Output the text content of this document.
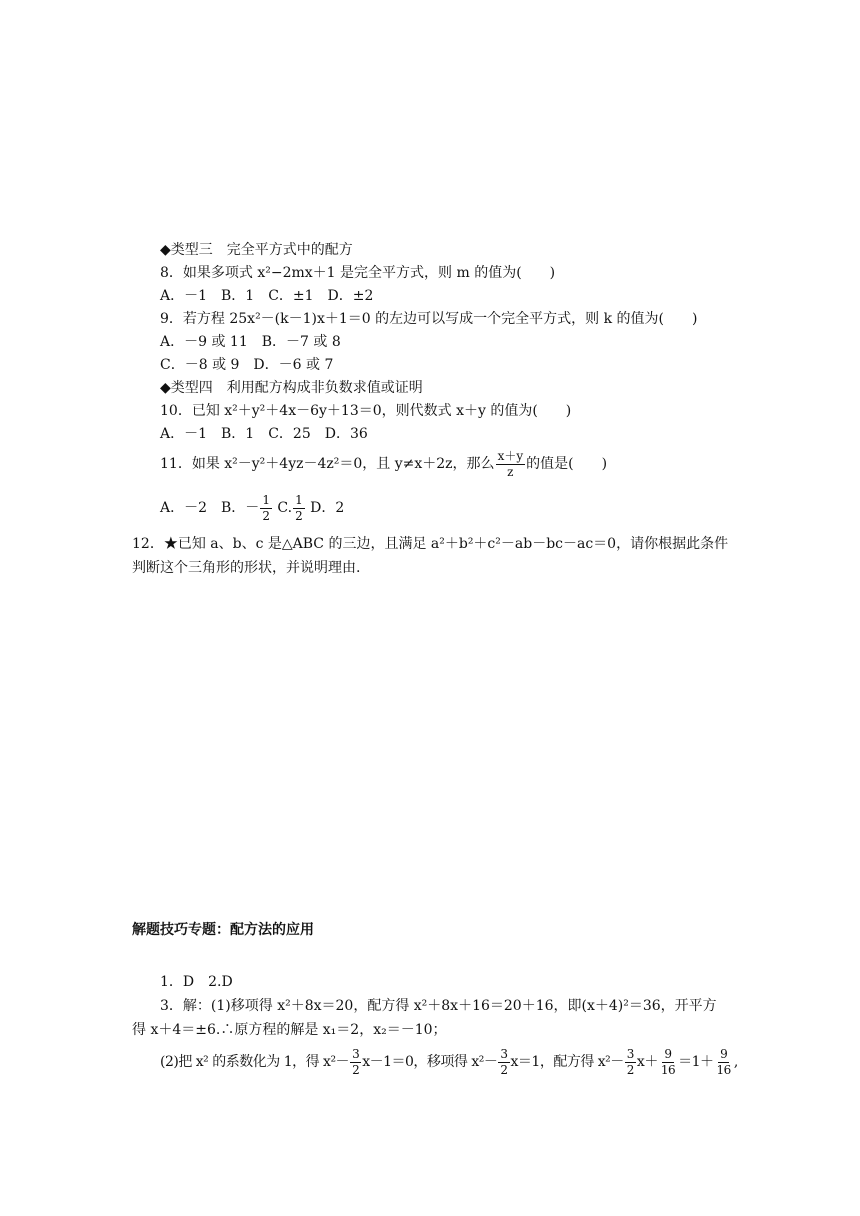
◆类型三　完全平方式中的配方
8．如果多项式 x²−2mx＋1 是完全平方式，则 m 的值为(　　)
A．－1　B．1　C．±1　D．±2
9．若方程 25x²－(k－1)x＋1＝0 的左边可以写成一个完全平方式，则 k 的值为(　　)
A．－9 或 11　B．－7 或 8
C．－8 或 9　D．－6 或 7
◆类型四　利用配方构成非负数求值或证明
10．已知 x²＋y²＋4x－6y＋13＝0，则代数式 x＋y 的值为(　　)
A．－1　B．1　C．25　D．36
11．如果 x²－y²＋4yz－4z²＝0，且 y≠x＋2z，那么 $\frac{x+y}{z}$ 的值是(　　)
A．－2　B．－ $\frac{1}{2} C$. $\frac{1}{2}$ D．2
12．★已知 a、b、c 是△ABC 的三边，且满足 a²＋b²＋c²－ab－bc－ac＝0，请你根据此条件
判断这个三角形的形状，并说明理由.
解题技巧专题：配方法的应用
1．D　2.D
3．解：(1)移项得 x²＋8x＝20，配方得 x²＋8x＋16＝20＋16，即(x＋4)²＝36，开平方
得 x＋4＝±6.∴原方程的解是 x₁＝2，x₂＝－10；
(2)把 x² 的系数化为 1，得 $x^2- \frac{3}{2} x-1=0$，移项得 $x^2- \frac{3}{2} x=1$，配方得 $x^2- \frac{3}{2} x+ \frac{9}{16} =1+ \frac{9}{16}$ ,
